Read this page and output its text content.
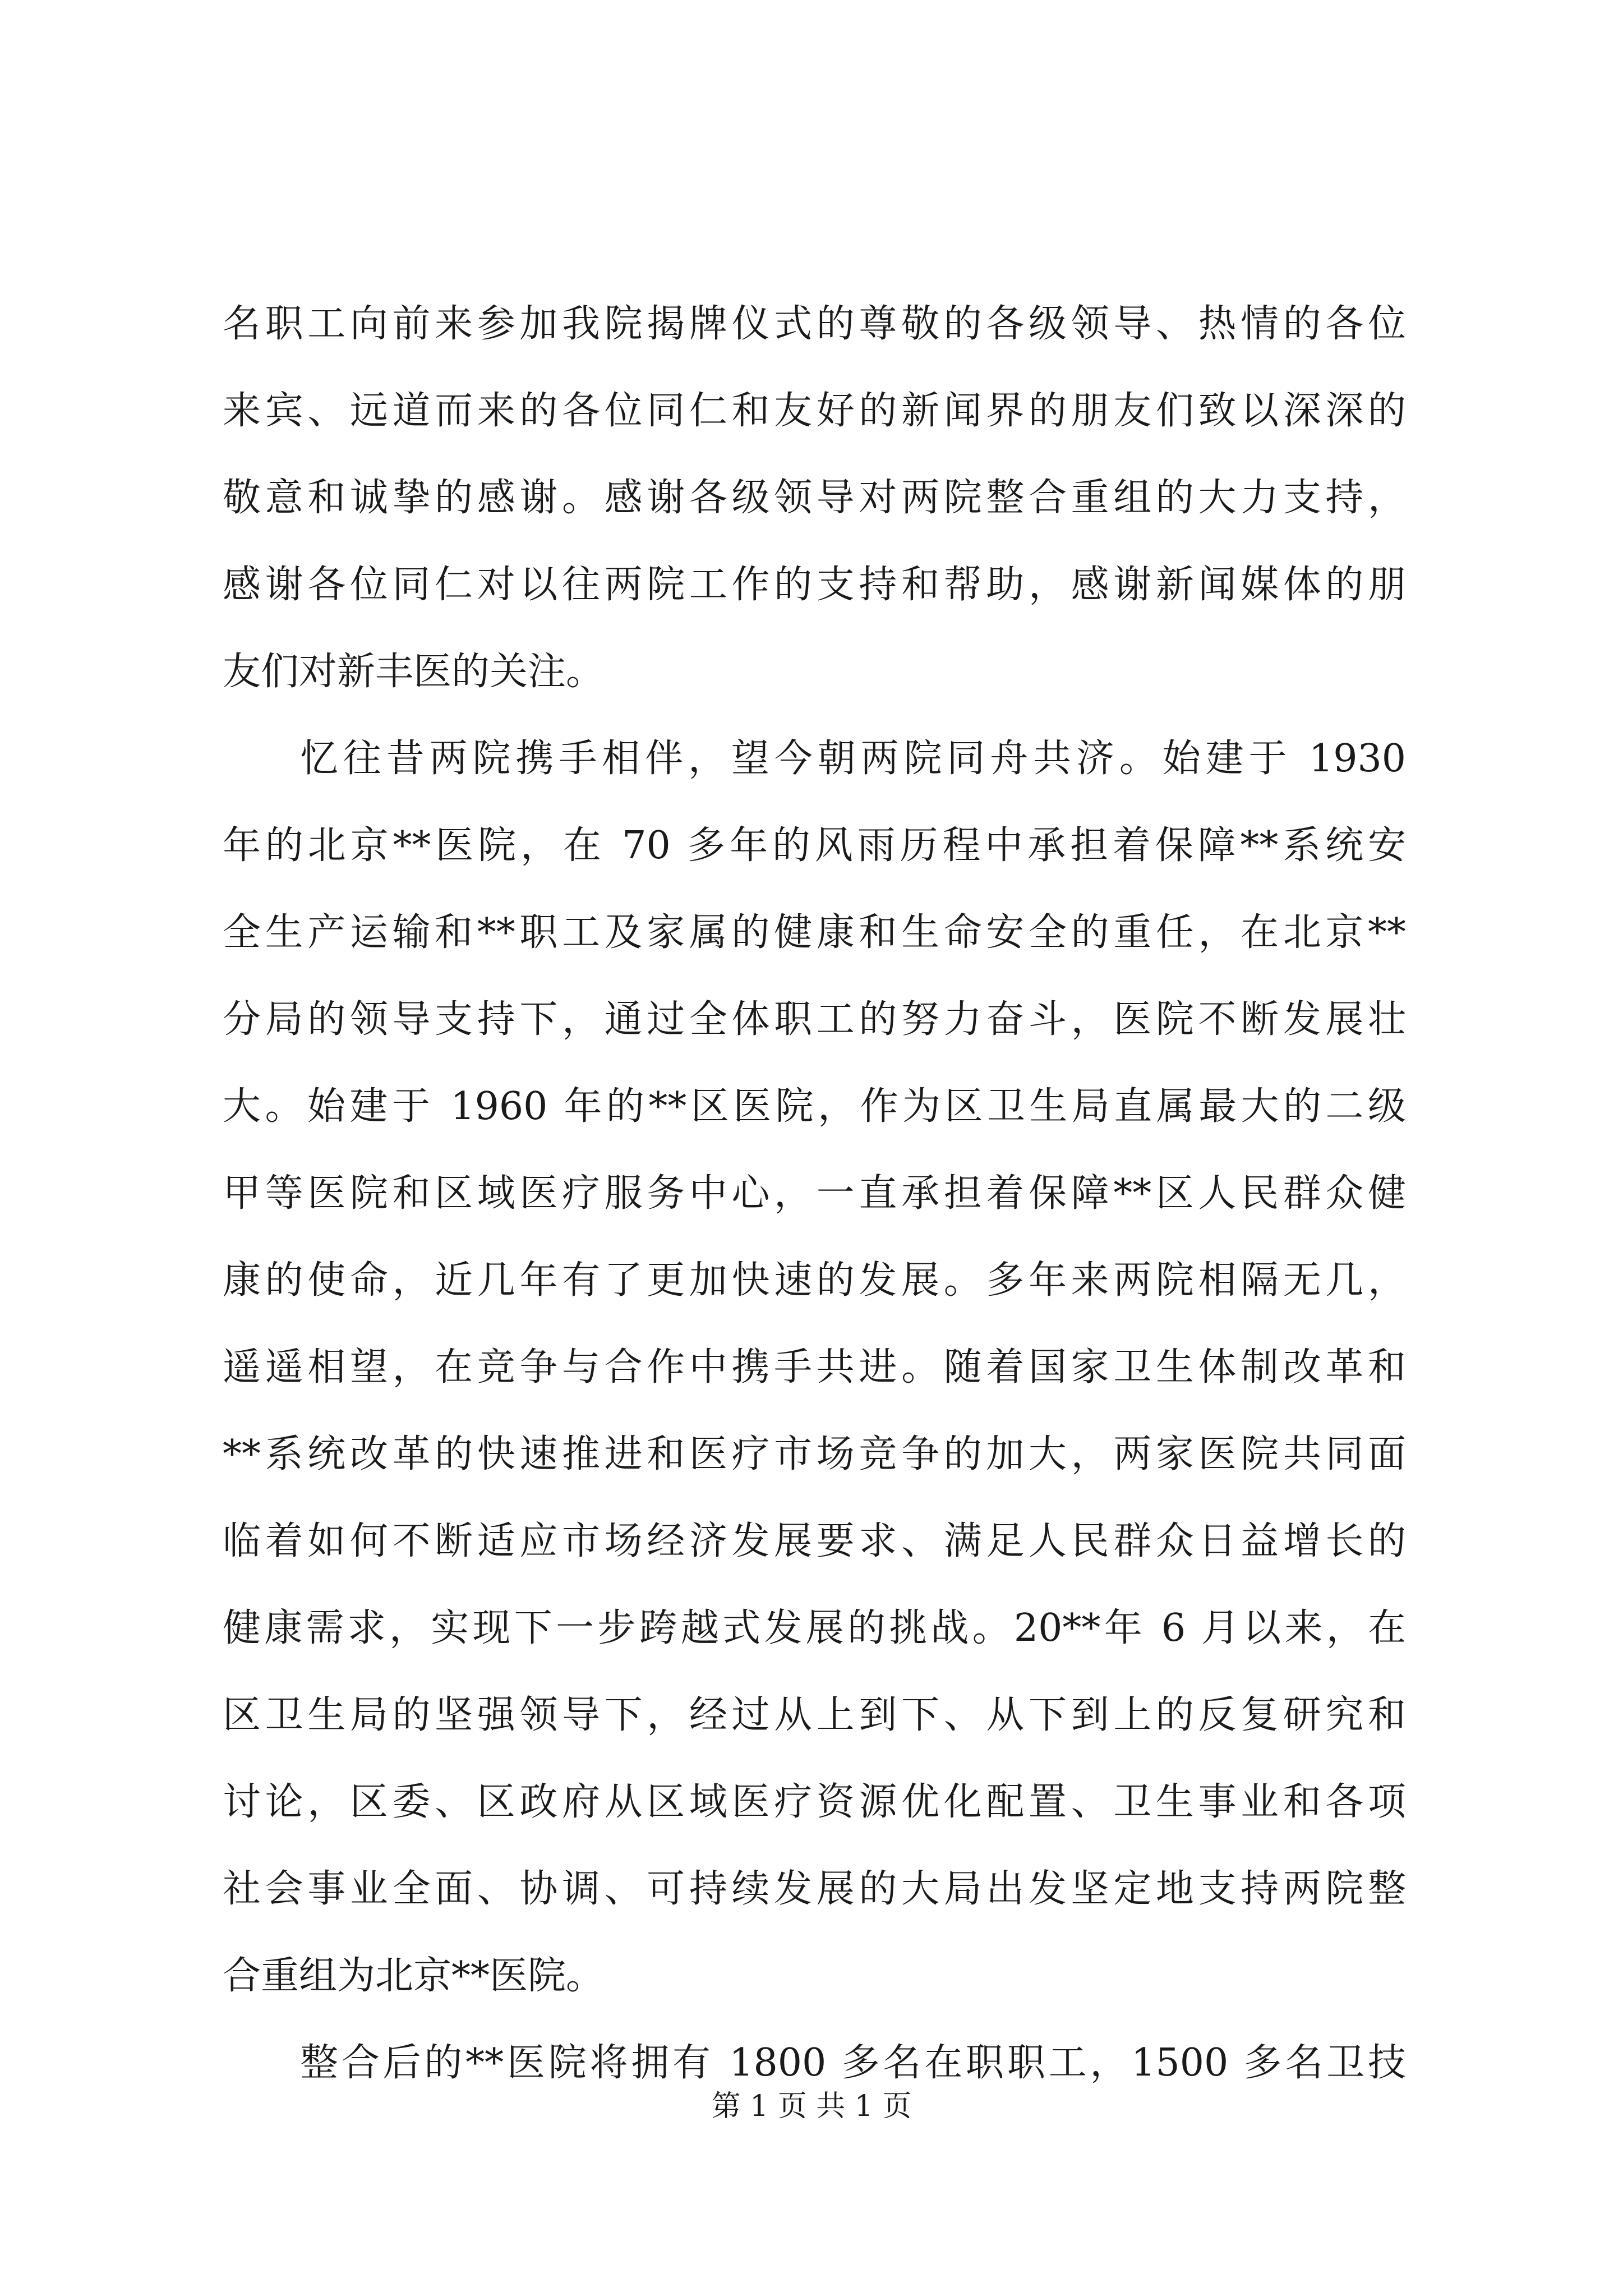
名职工向前来参加我院揭牌仪式的尊敬的各级领导、热情的各位
来宾、远道而来的各位同仁和友好的新闻界的朋友们致以深深的
敬意和诚挚的感谢。感谢各级领导对两院整合重组的大力支持，
感谢各位同仁对以往两院工作的支持和帮助，感谢新闻媒体的朋
友们对新丰医的关注。
忆往昔两院携手相伴，望今朝两院同舟共济。始建于 1930
年的北京**医院，在 70 多年的风雨历程中承担着保障**系统安
全生产运输和**职工及家属的健康和生命安全的重任，在北京**
分局的领导支持下，通过全体职工的努力奋斗，医院不断发展壮
大。始建于 1960 年的**区医院，作为区卫生局直属最大的二级
甲等医院和区域医疗服务中心，一直承担着保障**区人民群众健
康的使命，近几年有了更加快速的发展。多年来两院相隔无几，
遥遥相望，在竞争与合作中携手共进。随着国家卫生体制改革和
**系统改革的快速推进和医疗市场竞争的加大，两家医院共同面
临着如何不断适应市场经济发展要求、满足人民群众日益增长的
健康需求，实现下一步跨越式发展的挑战。20**年 6 月以来，在
区卫生局的坚强领导下，经过从上到下、从下到上的反复研究和
讨论，区委、区政府从区域医疗资源优化配置、卫生事业和各项
社会事业全面、协调、可持续发展的大局出发坚定地支持两院整
合重组为北京**医院。
整合后的**医院将拥有 1800 多名在职职工，1500 多名卫技
第 1 页 共 1 页
